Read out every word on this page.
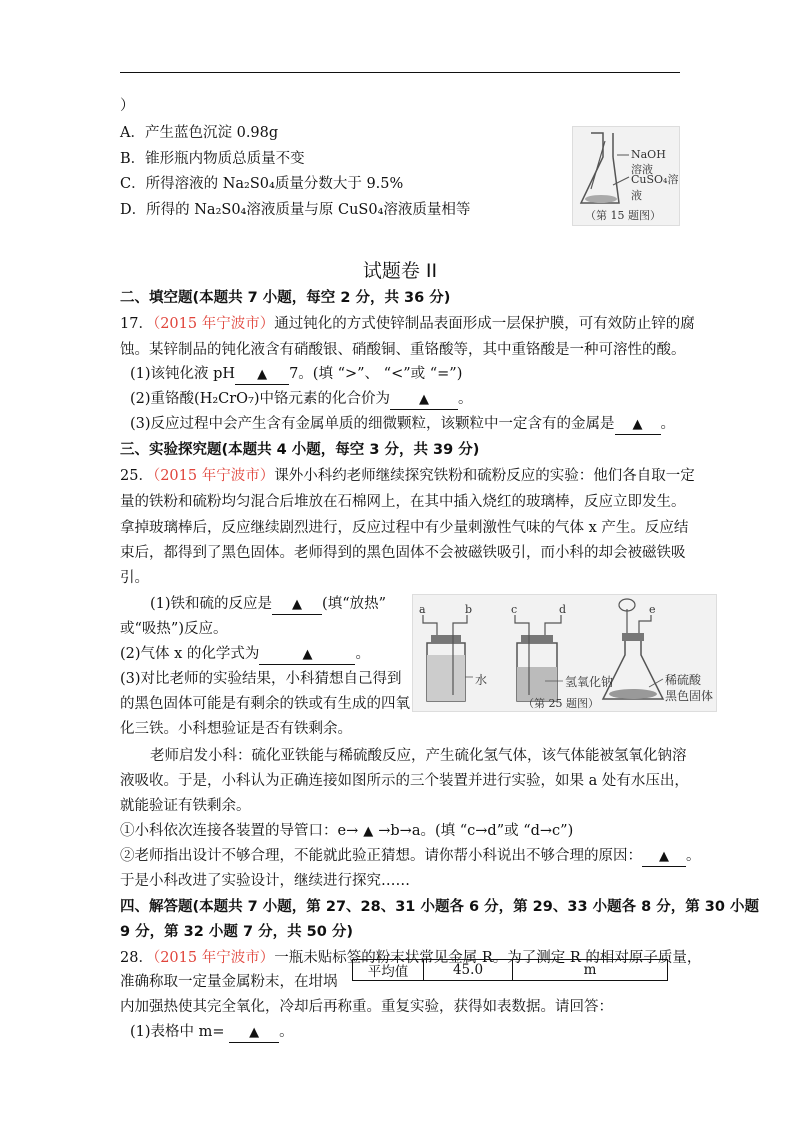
）
A．产生蓝色沉淀 0.98g
B．锥形瓶内物质总质量不变
C．所得溶液的 Na₂S0₄质量分数大于 9.5%
D．所得的 Na₂S0₄溶液质量与原 CuS0₄溶液质量相等
NaOH 溶液
CuSO₄溶液
（第 15 题图）
试题卷 II
二、填空题(本题共 7 小题，每空 2 分，共 36 分)
17．（2015 年宁波市）通过钝化的方式使锌制品表面形成一层保护膜，可有效防止锌的腐
蚀。某锌制品的钝化液含有硝酸银、硝酸铜、重铬酸等，其中重铬酸是一种可溶性的酸。
(1)该钝化液 pH ▲ 7。(填 “>”、 “<”或 “=”)
(2)重铬酸(H₂CrO₇)中铬元素的化合价为 ▲ 。
(3)反应过程中会产生含有金属单质的细微颗粒，该颗粒中一定含有的金属是 ▲ 。
三、实验探究题(本题共 4 小题，每空 3 分，共 39 分)
25．（2015 年宁波市）课外小科约老师继续探究铁粉和硫粉反应的实验：他们各自取一定
量的铁粉和硫粉均匀混合后堆放在石棉网上，在其中插入烧红的玻璃棒，反应立即发生。
拿掉玻璃棒后，反应继续剧烈进行，反应过程中有少量刺激性气味的气体 x 产生。反应结
束后，都得到了黑色固体。老师得到的黑色固体不会被磁铁吸引，而小科的却会被磁铁吸
引。
(1)铁和硫的反应是 ▲ (填“放热”
或“吸热”)反应。
(2)气体 x 的化学式为	▲	。
(3)对比老师的实验结果，小科猜想自己得到
的黑色固体可能是有剩余的铁或有生成的四氧
化三铁。小科想验证是否有铁剩余。
a	b	c	d	e
水	氢氧化钠	稀硫酸
黑色固体
（第 25 题图）
老师启发小科：硫化亚铁能与稀硫酸反应，产生硫化氢气体，该气体能被氢氧化钠溶
液吸收。于是，小科认为正确连接如图所示的三个装置并进行实验，如果 a 处有水压出，
就能验证有铁剩余。
①小科依次连接各装置的导管口：e→ ▲ →b→a。(填 “c→d”或 “d→c”)
②老师指出设计不够合理，不能就此验正猜想。请你帮小科说出不够合理的原因： ▲ 。
于是小科改进了实验设计，继续进行探究……
四、解答题(本题共 7 小题，第 27、28、31 小题各 6 分，第 29、33 小题各 8 分，第 30 小题
9 分，第 32 小题 7 分，共 50 分)
28．（2015 年宁波市）一瓶未贴标签的粉末状常见金属 R。为了测定 R 的相对原子质量，
准确称取一定量金属粉末，在坩埚
平均值	45.0	m
内加强热使其完全氧化，冷却后再称重。重复实验，获得如表数据。请回答：
(1)表格中 m= ▲ 。
